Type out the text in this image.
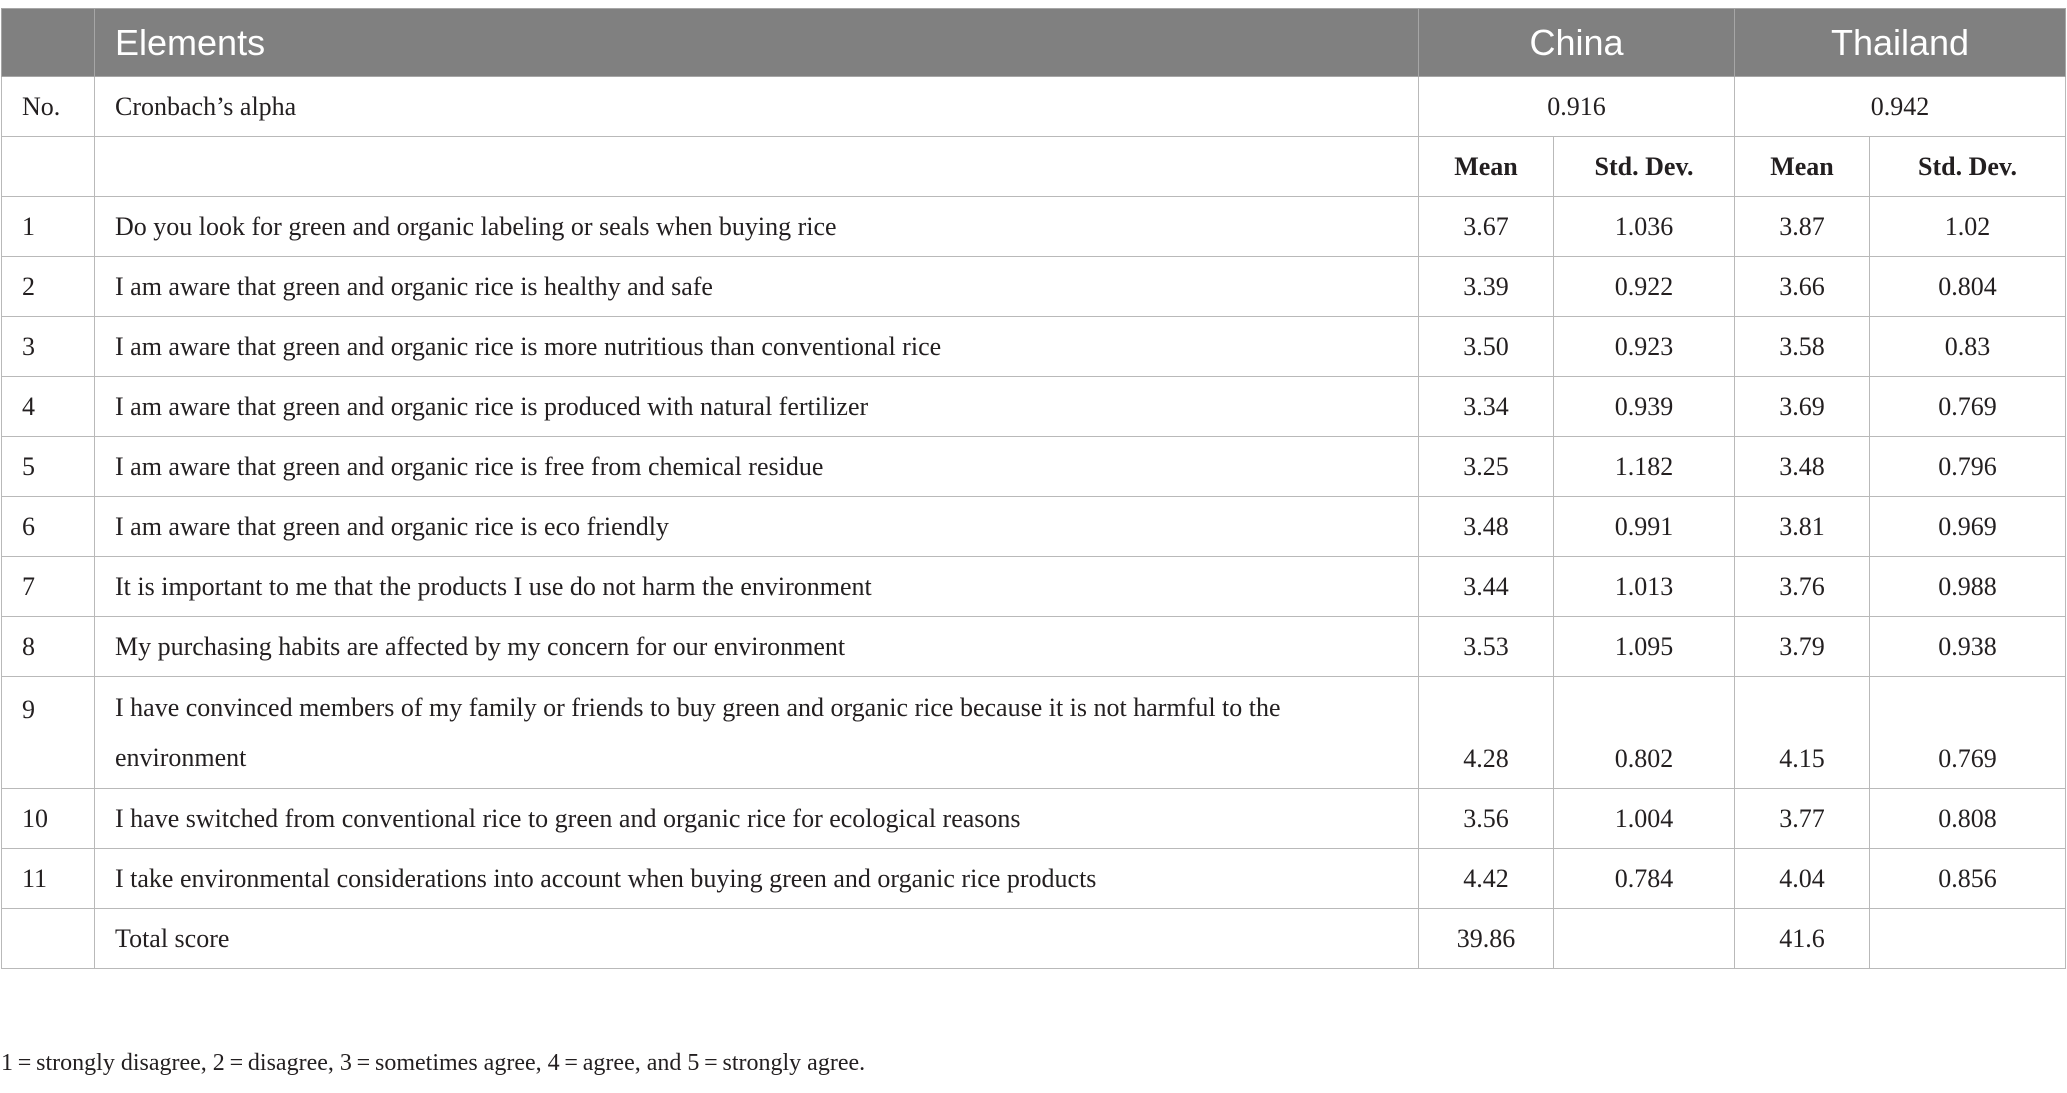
	Elements	China		Thailand	
No.	Cronbach’s alpha	0.916		0.942	
		Mean	Std. Dev.	Mean	Std. Dev.
1	Do you look for green and organic labeling or seals when buying rice	3.67	1.036	3.87	1.02
2	I am aware that green and organic rice is healthy and safe	3.39	0.922	3.66	0.804
3	I am aware that green and organic rice is more nutritious than conventional rice	3.50	0.923	3.58	0.83
4	I am aware that green and organic rice is produced with natural fertilizer	3.34	0.939	3.69	0.769
5	I am aware that green and organic rice is free from chemical residue	3.25	1.182	3.48	0.796
6	I am aware that green and organic rice is eco friendly	3.48	0.991	3.81	0.969
7	It is important to me that the products I use do not harm the environment	3.44	1.013	3.76	0.988
8	My purchasing habits are affected by my concern for our environment	3.53	1.095	3.79	0.938
9	I have convinced members of my family or friends to buy green and organic rice because it is not harmful to the environment	4.28	0.802	4.15	0.769
10	I have switched from conventional rice to green and organic rice for ecological reasons	3.56	1.004	3.77	0.808
11	I take environmental considerations into account when buying green and organic rice products	4.42	0.784	4.04	0.856
	Total score	39.86		41.6	
1 = strongly disagree, 2 = disagree, 3 = sometimes agree, 4 = agree, and 5 = strongly agree.
